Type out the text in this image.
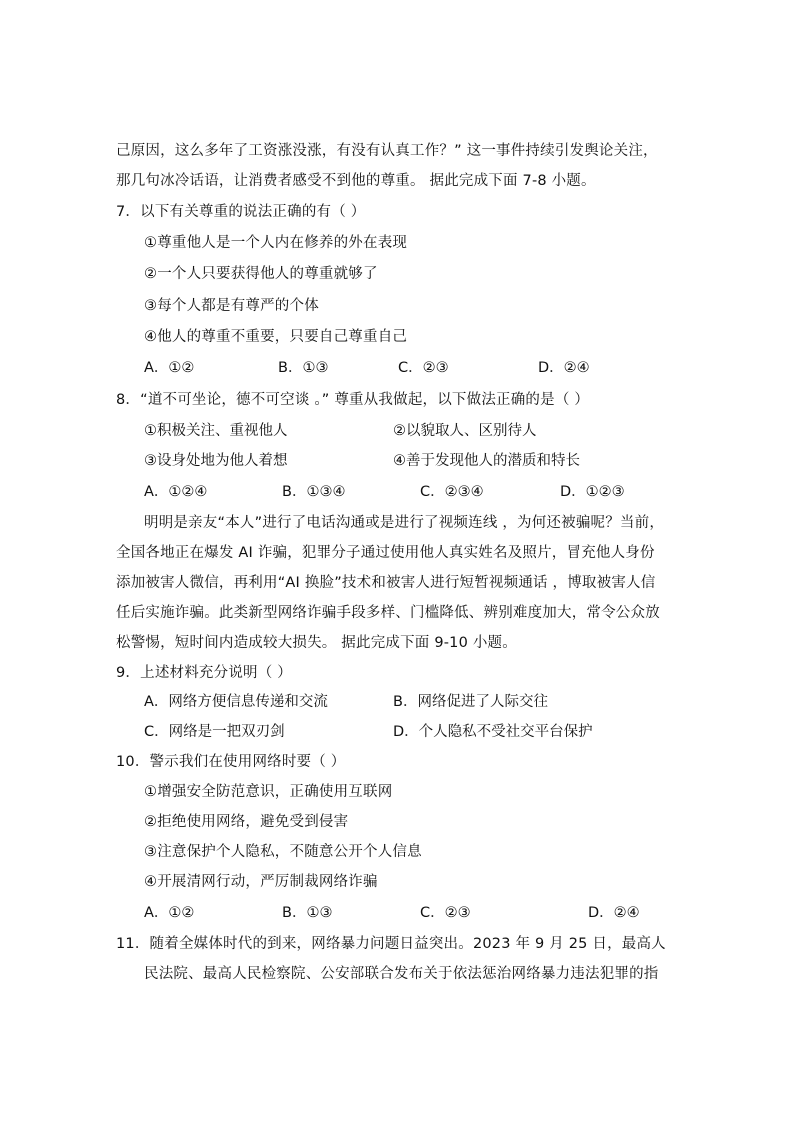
己原因，这么多年了工资涨没涨，有没有认真工作？” 这一事件持续引发舆论关注，
那几句冰冷话语，让消费者感受不到他的尊重。 据此完成下面 7-8 小题。
7．以下有关尊重的说法正确的有（ ）
①尊重他人是一个人内在修养的外在表现
②一个人只要获得他人的尊重就够了
③每个人都是有尊严的个体
④他人的尊重不重要，只要自己尊重自己
A．①②	B．①③	C．②③	D．②④
8．“道不可坐论，德不可空谈 。” 尊重从我做起，以下做法正确的是（ ）
①积极关注、重视他人	②以貌取人、区别待人
③设身处地为他人着想	④善于发现他人的潜质和特长
A．①②④	B．①③④	C．②③④	D．①②③
明明是亲友“本人”进行了电话沟通或是进行了视频连线 ，为何还被骗呢？当前，
全国各地正在爆发 AI 诈骗，犯罪分子通过使用他人真实姓名及照片，冒充他人身份
添加被害人微信，再利用“AI 换脸”技术和被害人进行短暂视频通话 ，博取被害人信
任后实施诈骗。此类新型网络诈骗手段多样、门槛降低、辨别难度加大，常令公众放
松警惕，短时间内造成较大损失。 据此完成下面 9-10 小题。
9．上述材料充分说明（ ）
A．网络方便信息传递和交流	B．网络促进了人际交往
C．网络是一把双刃剑	D．个人隐私不受社交平台保护
10．警示我们在使用网络时要（ ）
①增强安全防范意识，正确使用互联网
②拒绝使用网络，避免受到侵害
③注意保护个人隐私，不随意公开个人信息
④开展清网行动，严厉制裁网络诈骗
A．①②	B．①③	C．②③	D．②④
11．随着全媒体时代的到来，网络暴力问题日益突出。2023 年 9 月 25 日，最高人
民法院、最高人民检察院、公安部联合发布关于依法惩治网络暴力违法犯罪的指
